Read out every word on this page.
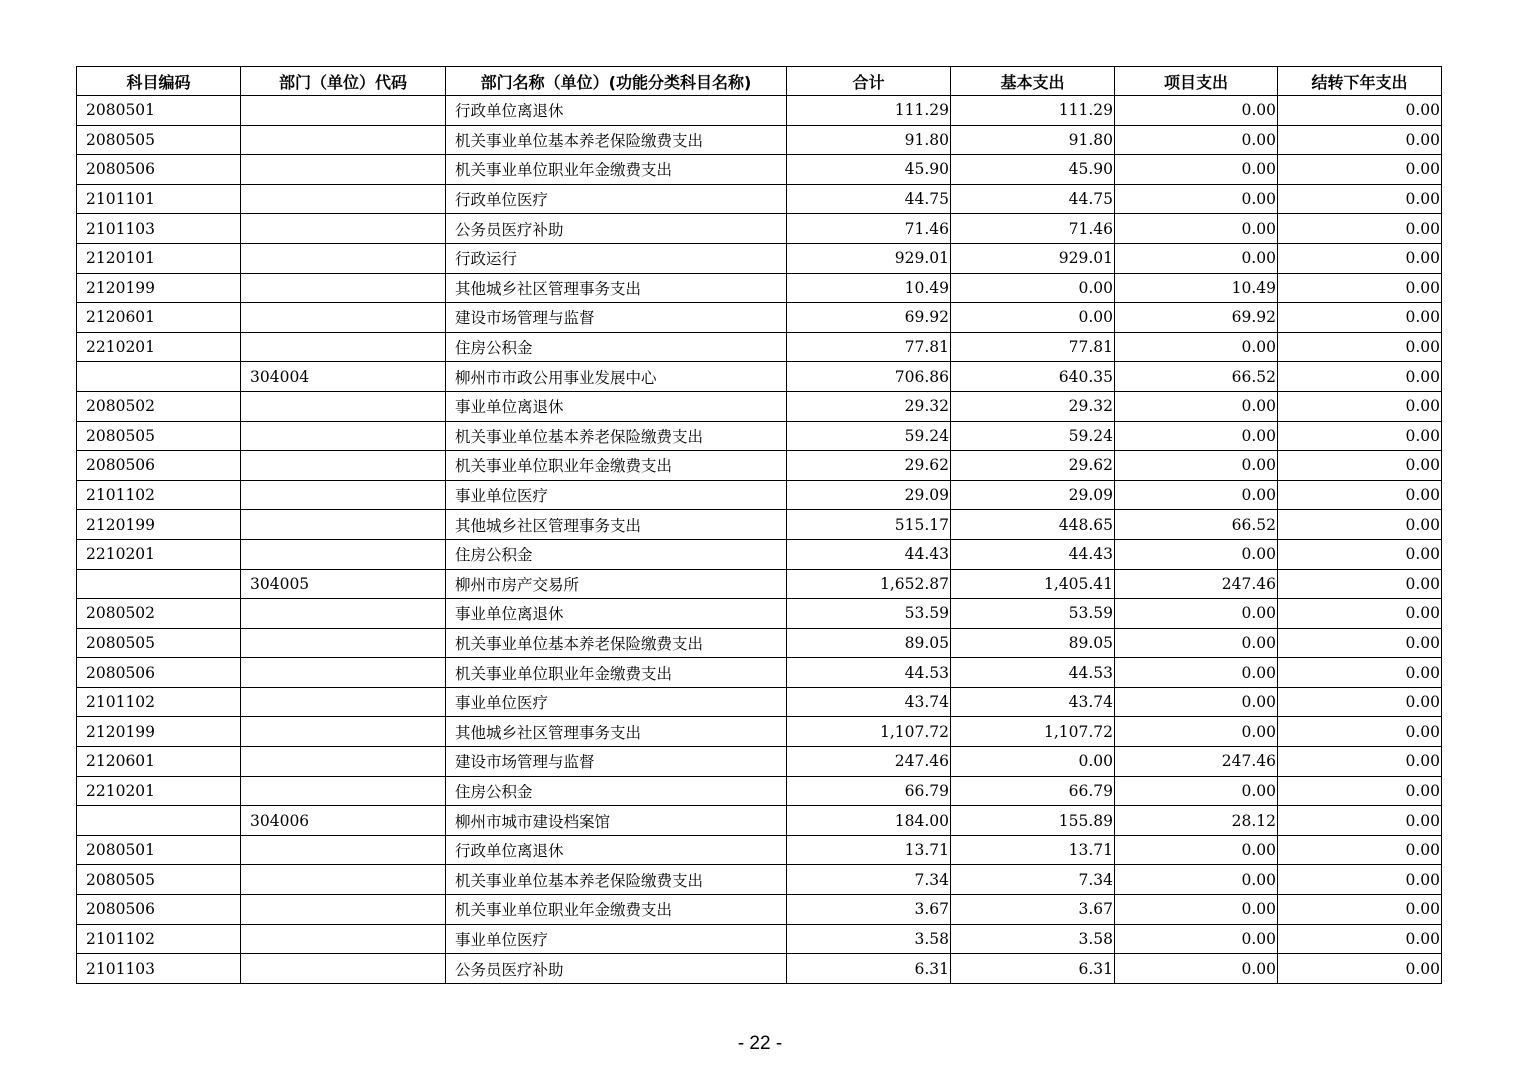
科目编码	部门（单位）代码	部门名称（单位）(功能分类科目名称)	合计	基本支出	项目支出	结转下年支出
2080501		行政单位离退休	111.29	111.29	0.00	0.00
2080505		机关事业单位基本养老保险缴费支出	91.80	91.80	0.00	0.00
2080506		机关事业单位职业年金缴费支出	45.90	45.90	0.00	0.00
2101101		行政单位医疗	44.75	44.75	0.00	0.00
2101103		公务员医疗补助	71.46	71.46	0.00	0.00
2120101		行政运行	929.01	929.01	0.00	0.00
2120199		其他城乡社区管理事务支出	10.49	0.00	10.49	0.00
2120601		建设市场管理与监督	69.92	0.00	69.92	0.00
2210201		住房公积金	77.81	77.81	0.00	0.00
	304004	柳州市市政公用事业发展中心	706.86	640.35	66.52	0.00
2080502		事业单位离退休	29.32	29.32	0.00	0.00
2080505		机关事业单位基本养老保险缴费支出	59.24	59.24	0.00	0.00
2080506		机关事业单位职业年金缴费支出	29.62	29.62	0.00	0.00
2101102		事业单位医疗	29.09	29.09	0.00	0.00
2120199		其他城乡社区管理事务支出	515.17	448.65	66.52	0.00
2210201		住房公积金	44.43	44.43	0.00	0.00
	304005	柳州市房产交易所	1,652.87	1,405.41	247.46	0.00
2080502		事业单位离退休	53.59	53.59	0.00	0.00
2080505		机关事业单位基本养老保险缴费支出	89.05	89.05	0.00	0.00
2080506		机关事业单位职业年金缴费支出	44.53	44.53	0.00	0.00
2101102		事业单位医疗	43.74	43.74	0.00	0.00
2120199		其他城乡社区管理事务支出	1,107.72	1,107.72	0.00	0.00
2120601		建设市场管理与监督	247.46	0.00	247.46	0.00
2210201		住房公积金	66.79	66.79	0.00	0.00
	304006	柳州市城市建设档案馆	184.00	155.89	28.12	0.00
2080501		行政单位离退休	13.71	13.71	0.00	0.00
2080505		机关事业单位基本养老保险缴费支出	7.34	7.34	0.00	0.00
2080506		机关事业单位职业年金缴费支出	3.67	3.67	0.00	0.00
2101102		事业单位医疗	3.58	3.58	0.00	0.00
2101103		公务员医疗补助	6.31	6.31	0.00	0.00
- 22 -
